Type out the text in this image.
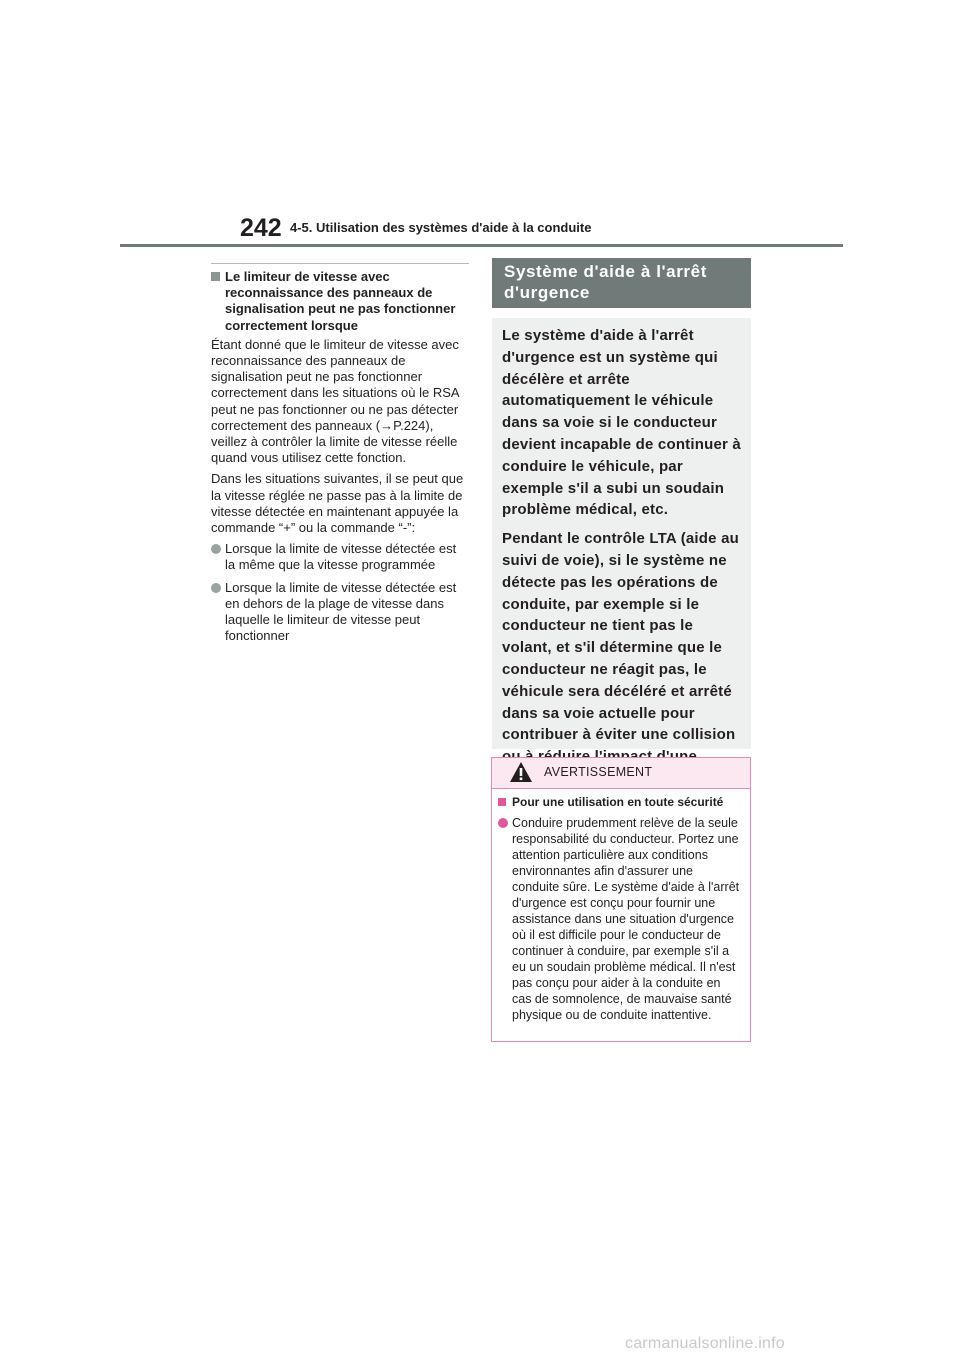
242 4-5. Utilisation des systèmes d'aide à la conduite
Le limiteur de vitesse avec reconnaissance des panneaux de signalisation peut ne pas fonctionner correctement lorsque

Étant donné que le limiteur de vitesse avec reconnaissance des panneaux de signalisation peut ne pas fonctionner correctement dans les situations où le RSA peut ne pas fonctionner ou ne pas détecter correctement des panneaux (→P.224), veillez à contrôler la limite de vitesse réelle quand vous utilisez cette fonction.

Dans les situations suivantes, il se peut que la vitesse réglée ne passe pas à la limite de vitesse détectée en maintenant appuyée la commande “+” ou la commande “-”:

Lorsque la limite de vitesse détectée est la même que la vitesse programmée
Lorsque la limite de vitesse détectée est en dehors de la plage de vitesse dans laquelle le limiteur de vitesse peut fonctionner
Système d'aide à l'arrêt d'urgence

Le système d'aide à l'arrêt d'urgence est un système qui décélère et arrête automatiquement le véhicule dans sa voie si le conducteur devient incapable de continuer à conduire le véhicule, par exemple s'il a subi un soudain problème médical, etc.

Pendant le contrôle LTA (aide au suivi de voie), si le système ne détecte pas les opérations de conduite, par exemple si le conducteur ne tient pas le volant, et s'il détermine que le conducteur ne réagit pas, le véhicule sera décéléré et arrêté dans sa voie actuelle pour contribuer à éviter une collision

AVERTISSEMENT
Pour une utilisation en toute sécurité
Conduire prudemment relève de la seule responsabilité du conducteur. Portez une attention particulière aux conditions environnantes afin d'assurer une conduite sûre. Le système d'aide à l'arrêt d'urgence est conçu pour fournir une assistance dans une situation d'urgence où il est difficile pour le conducteur de continuer à conduire, par exemple s'il a eu un soudain problème médical. Il n'est pas conçu pour aider à la conduite en cas de somnolence, de mauvaise santé physique ou de conduite inattentive.
carmanualsonline.info
